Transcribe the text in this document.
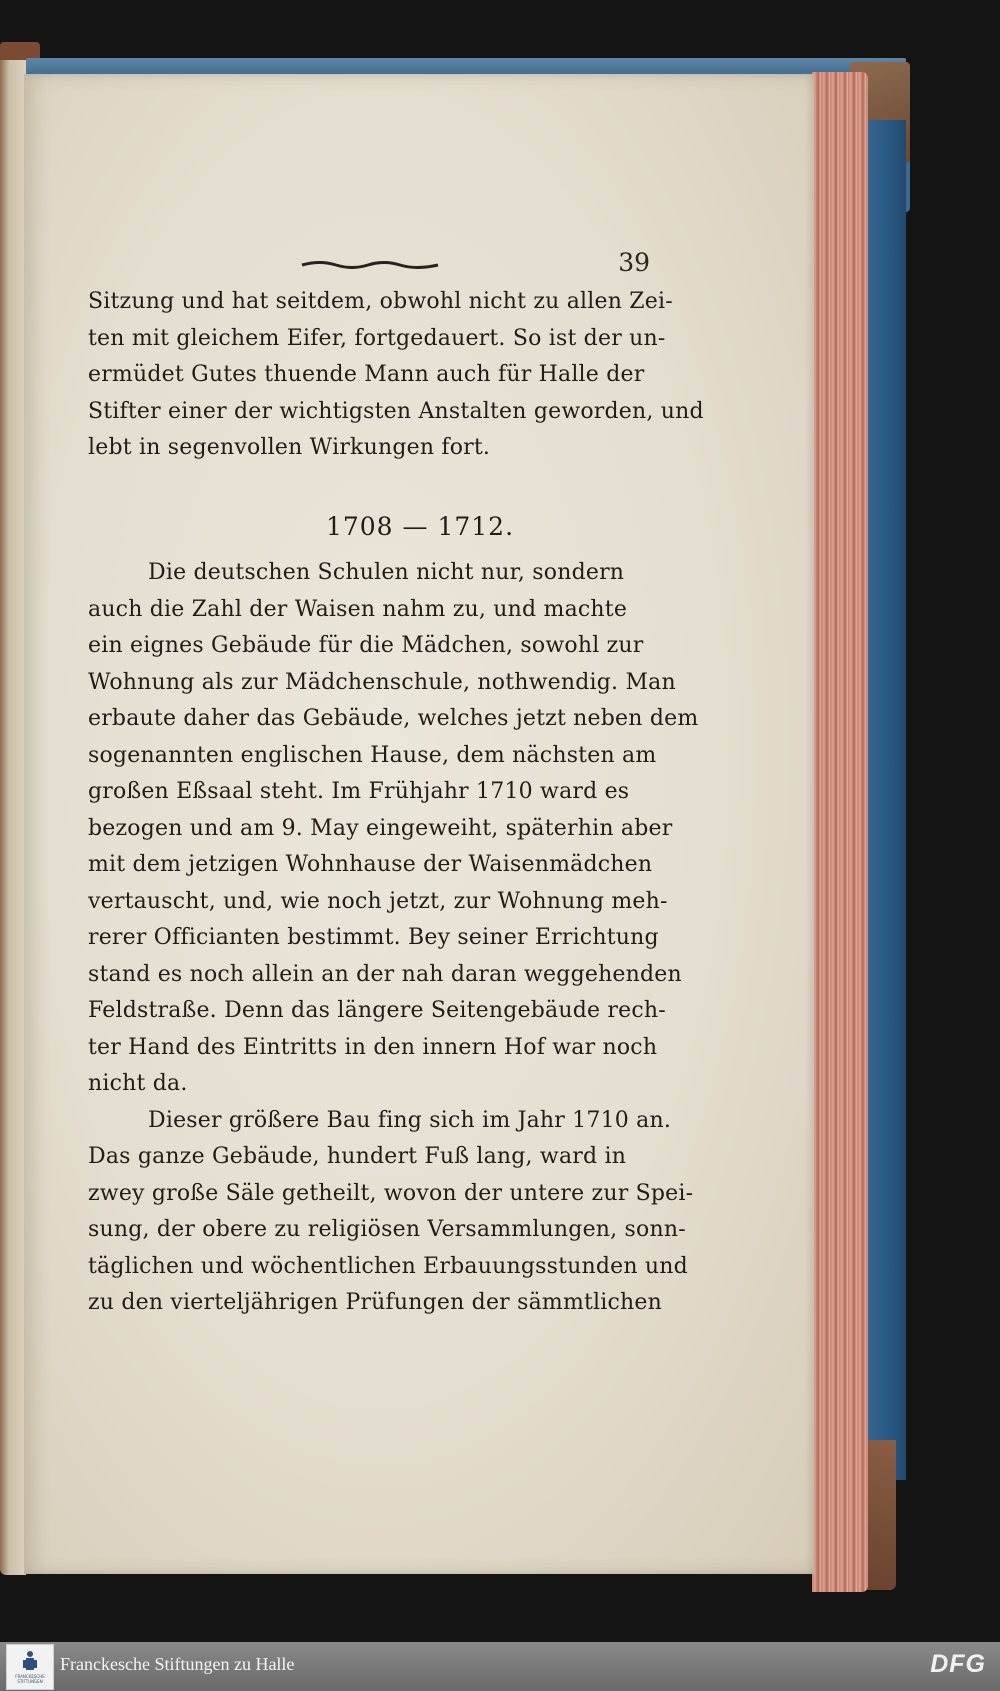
39
Sitzung und hat seitdem, obwohl nicht zu allen Zei-
ten mit gleichem Eifer, fortgedauert. So ist der un-
ermüdet Gutes thuende Mann auch für Halle der
Stifter einer der wichtigsten Anstalten geworden, und
lebt in segenvollen Wirkungen fort.
Die deutschen Schulen nicht nur, sondern
auch die Zahl der Waisen nahm zu, und machte
ein eignes Gebäude für die Mädchen, sowohl zur
Wohnung als zur Mädchenschule, nothwendig. Man
erbaute daher das Gebäude, welches jetzt neben dem
sogenannten englischen Hause, dem nächsten am
großen Eßsaal steht. Im Frühjahr 1710 ward es
bezogen und am 9. May eingeweiht, späterhin aber
mit dem jetzigen Wohnhause der Waisenmädchen
vertauscht, und, wie noch jetzt, zur Wohnung meh-
rerer Officianten bestimmt. Bey seiner Errichtung
stand es noch allein an der nah daran weggehenden
Feldstraße. Denn das längere Seitengebäude rech-
ter Hand des Eintritts in den innern Hof war noch
nicht da.
Dieser größere Bau fing sich im Jahr 1710 an.
Das ganze Gebäude, hundert Fuß lang, ward in
zwey große Säle getheilt, wovon der untere zur Spei-
sung, der obere zu religiösen Versammlungen, sonn-
täglichen und wöchentlichen Erbauungsstunden und
zu den vierteljährigen Prüfungen der sämmtlichen
1708 — 1712.
FRANCKESCHE STIFTUNGEN
Franckesche Stiftungen zu Halle	DFG
